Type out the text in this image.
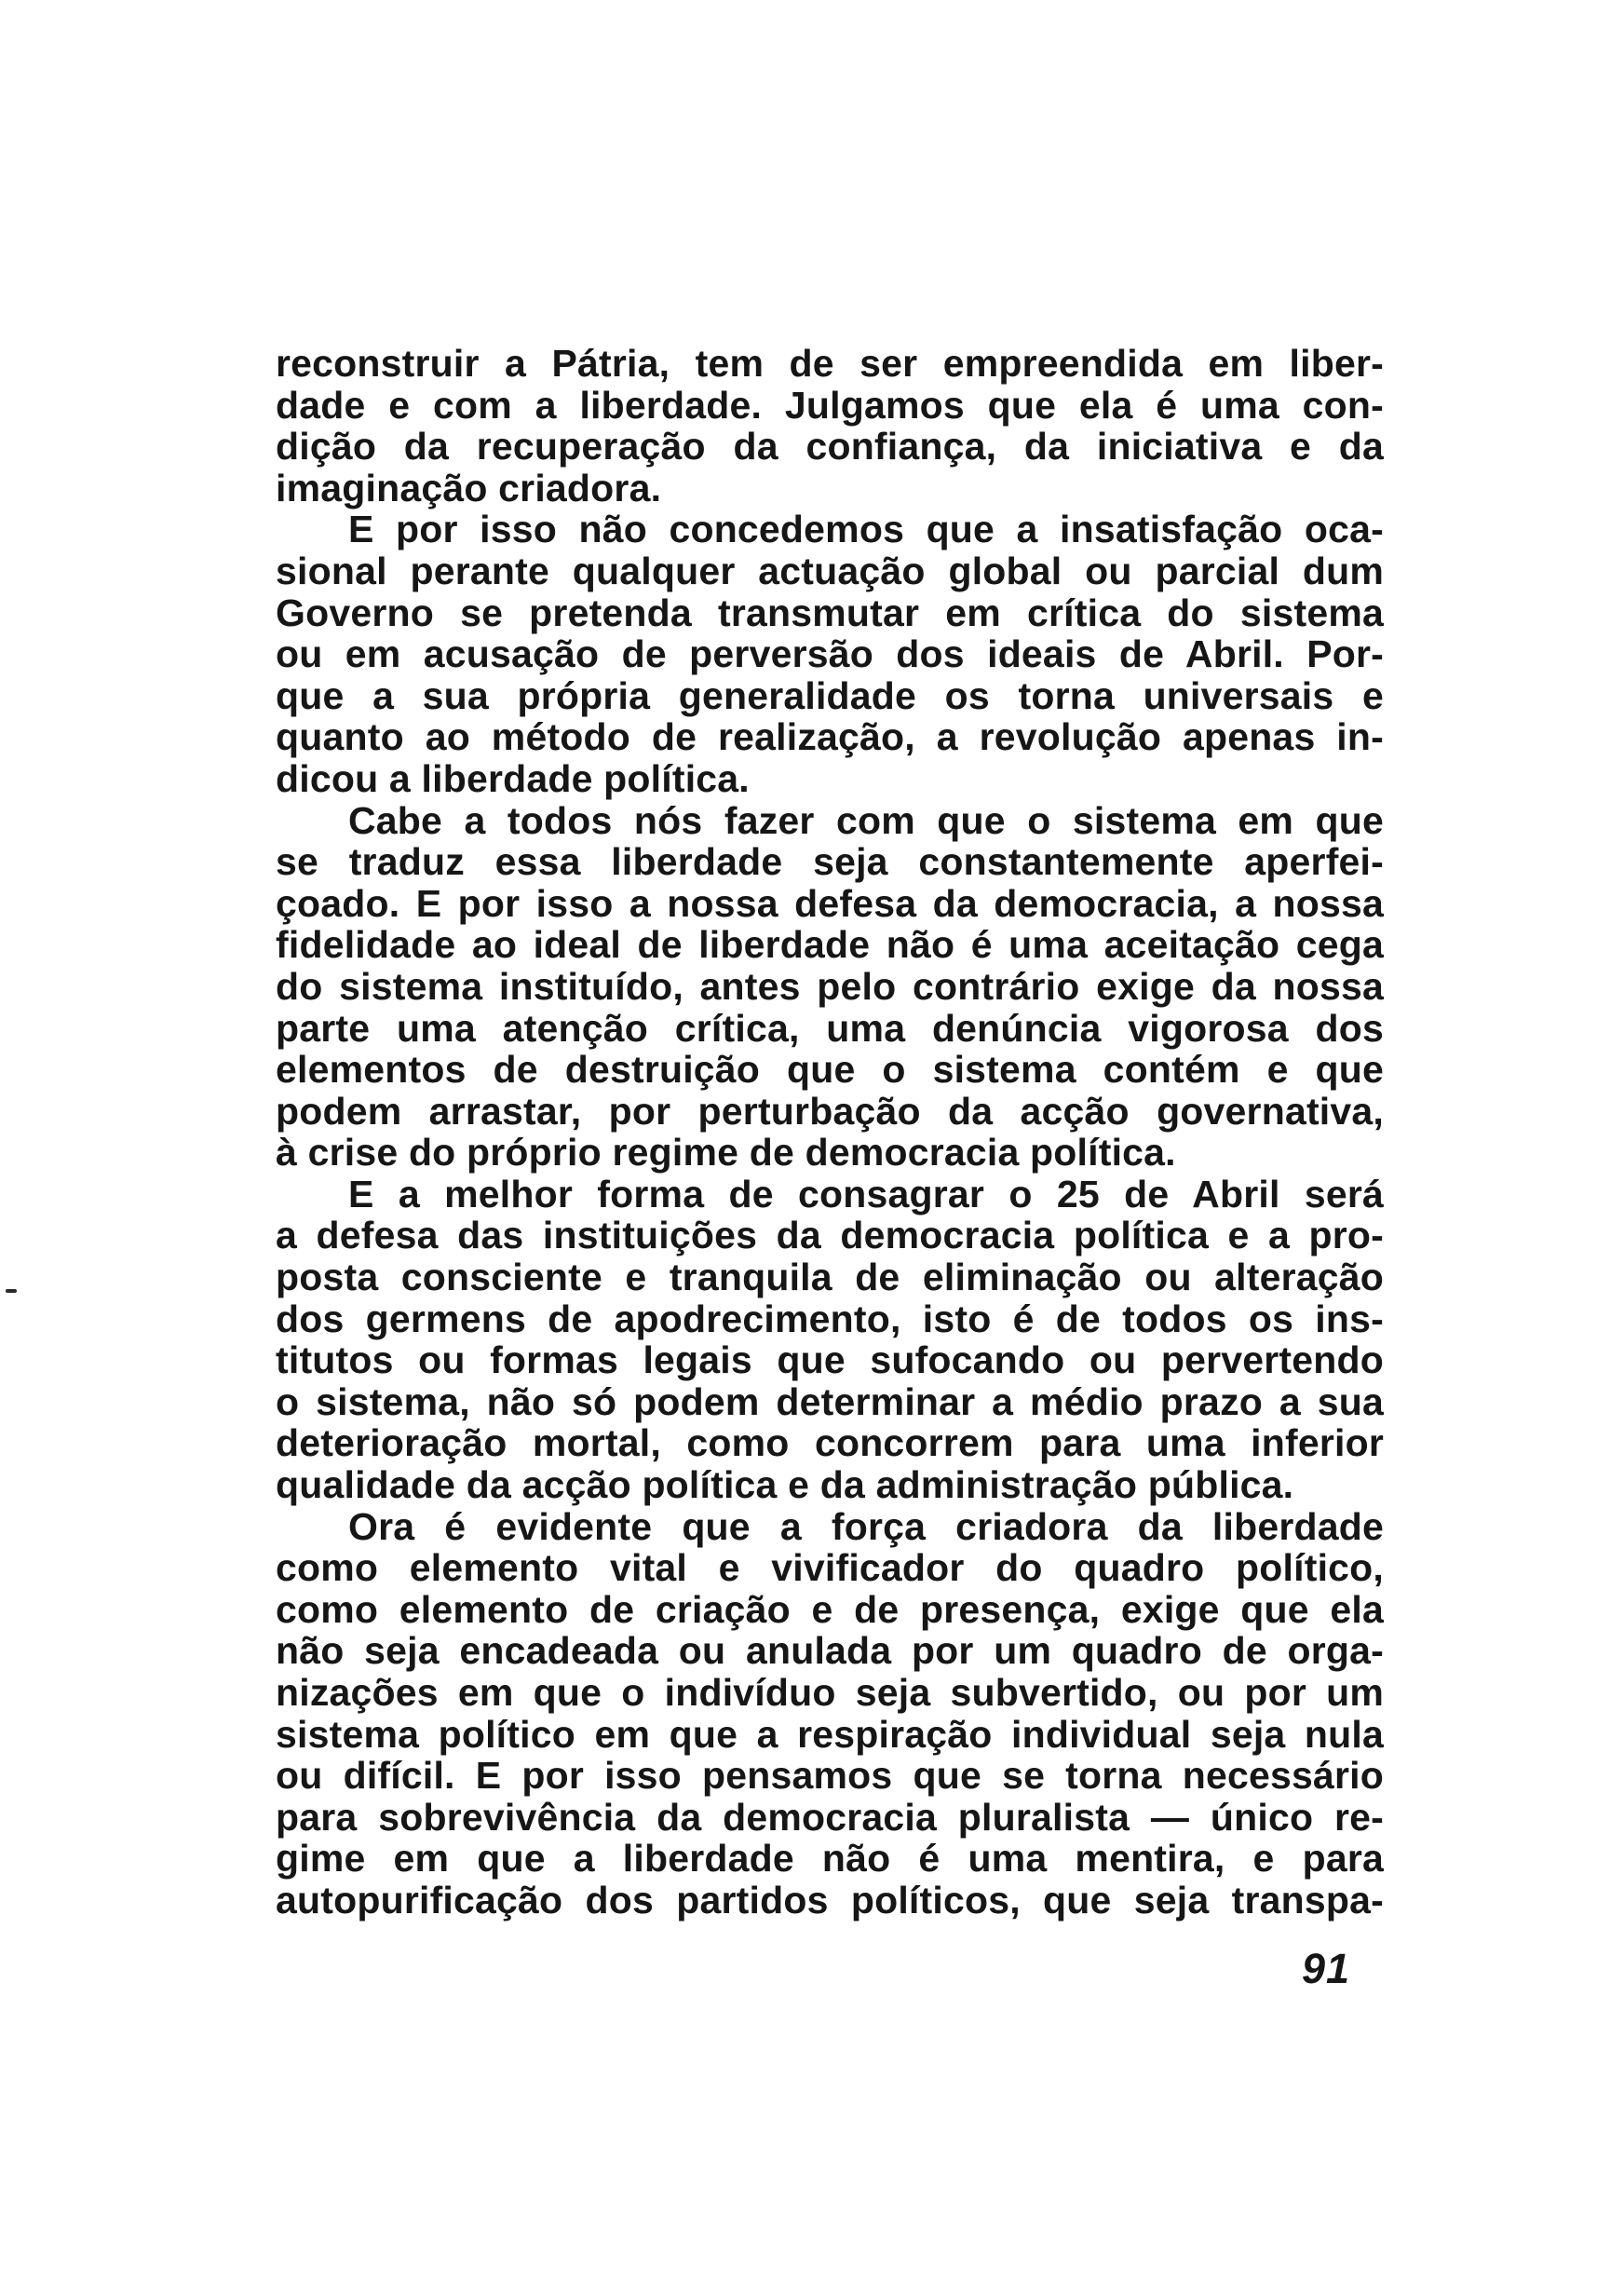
reconstruir a Pátria, tem de ser empreendida em liber-
dade e com a liberdade. Julgamos que ela é uma con-
dição da recuperação da confiança, da iniciativa e da
imaginação criadora.
E por isso não concedemos que a insatisfação oca-
sional perante qualquer actuação global ou parcial dum
Governo se pretenda transmutar em crítica do sistema
ou em acusação de perversão dos ideais de Abril. Por-
que a sua própria generalidade os torna universais e
quanto ao método de realização, a revolução apenas in-
dicou a liberdade política.
Cabe a todos nós fazer com que o sistema em que
se traduz essa liberdade seja constantemente aperfei-
çoado. E por isso a nossa defesa da democracia, a nossa
fidelidade ao ideal de liberdade não é uma aceitação cega
do sistema instituído, antes pelo contrário exige da nossa
parte uma atenção crítica, uma denúncia vigorosa dos
elementos de destruição que o sistema contém e que
podem arrastar, por perturbação da acção governativa,
à crise do próprio regime de democracia política.
E a melhor forma de consagrar o 25 de Abril será
a defesa das instituições da democracia política e a pro-
posta consciente e tranquila de eliminação ou alteração
dos germens de apodrecimento, isto é de todos os ins-
titutos ou formas legais que sufocando ou pervertendo
o sistema, não só podem determinar a médio prazo a sua
deterioração mortal, como concorrem para uma inferior
qualidade da acção política e da administração pública.
Ora é evidente que a força criadora da liberdade
como elemento vital e vivificador do quadro político,
como elemento de criação e de presença, exige que ela
não seja encadeada ou anulada por um quadro de orga-
nizações em que o indivíduo seja subvertido, ou por um
sistema político em que a respiração individual seja nula
ou difícil. E por isso pensamos que se torna necessário
para sobrevivência da democracia pluralista — único re-
gime em que a liberdade não é uma mentira, e para
autopurificação dos partidos políticos, que seja transpa-
91
